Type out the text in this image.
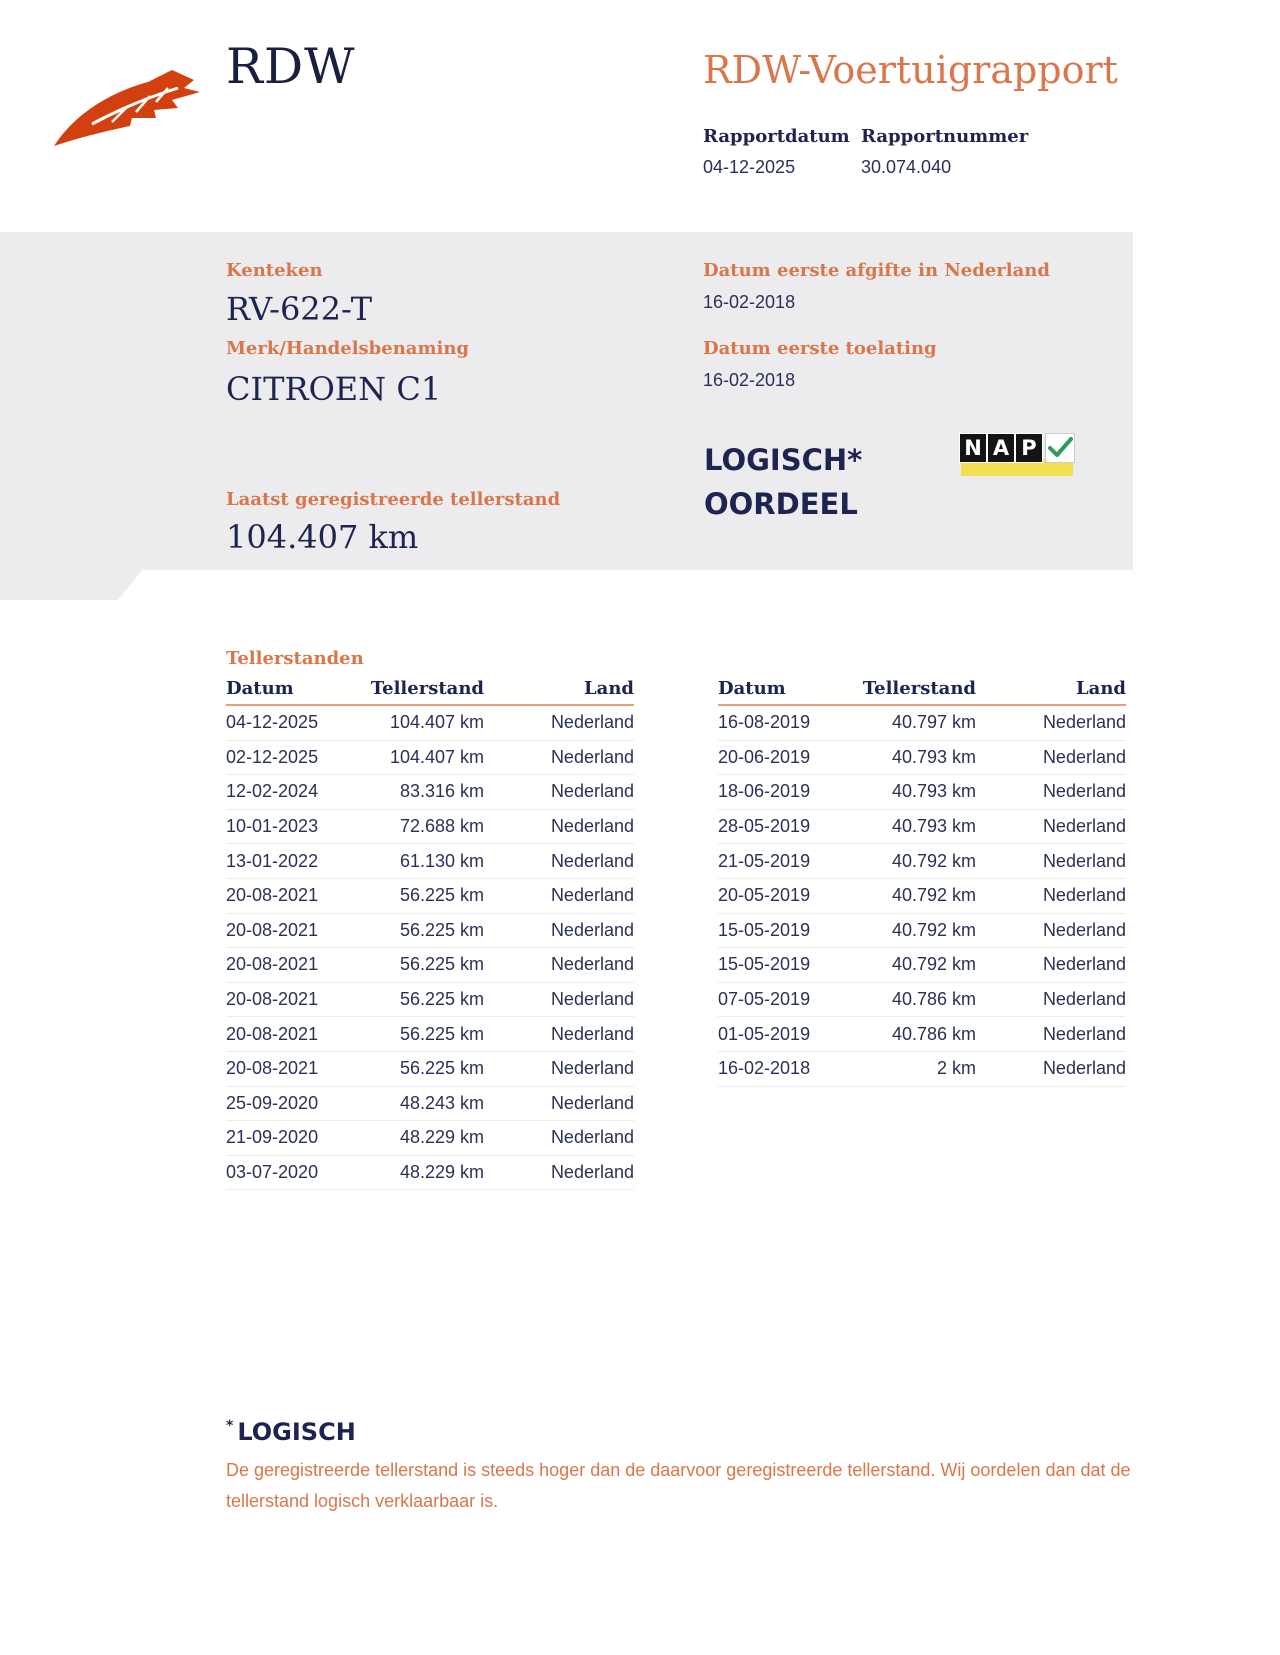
RDW	RDW-Voertuigrapport
Rapportdatum
04-12-2025
Rapportnummer
30.074.040
Kenteken
RV-622-T
Merk/Handelsbenaming
CITROEN C1
Laatst geregistreerde tellerstand
104.407 km
Datum eerste afgifte in Nederland
16-02-2018
Datum eerste toelating
16-02-2018
LOGISCH*
OORDEEL
N A P
Tellerstanden
Datum	Tellerstand	Land
04-12-2025	104.407 km	Nederland
02-12-2025	104.407 km	Nederland
12-02-2024	83.316 km	Nederland
10-01-2023	72.688 km	Nederland
13-01-2022	61.130 km	Nederland
20-08-2021	56.225 km	Nederland
20-08-2021	56.225 km	Nederland
20-08-2021	56.225 km	Nederland
20-08-2021	56.225 km	Nederland
20-08-2021	56.225 km	Nederland
20-08-2021	56.225 km	Nederland
25-09-2020	48.243 km	Nederland
21-09-2020	48.229 km	Nederland
03-07-2020	48.229 km	Nederland
Datum	Tellerstand	Land
16-08-2019	40.797 km	Nederland
20-06-2019	40.793 km	Nederland
18-06-2019	40.793 km	Nederland
28-05-2019	40.793 km	Nederland
21-05-2019	40.792 km	Nederland
20-05-2019	40.792 km	Nederland
15-05-2019	40.792 km	Nederland
15-05-2019	40.792 km	Nederland
07-05-2019	40.786 km	Nederland
01-05-2019	40.786 km	Nederland
16-02-2018	2 km	Nederland
* LOGISCH
De geregistreerde tellerstand is steeds hoger dan de daarvoor geregistreerde tellerstand. Wij oordelen dan dat de tellerstand logisch verklaarbaar is.
